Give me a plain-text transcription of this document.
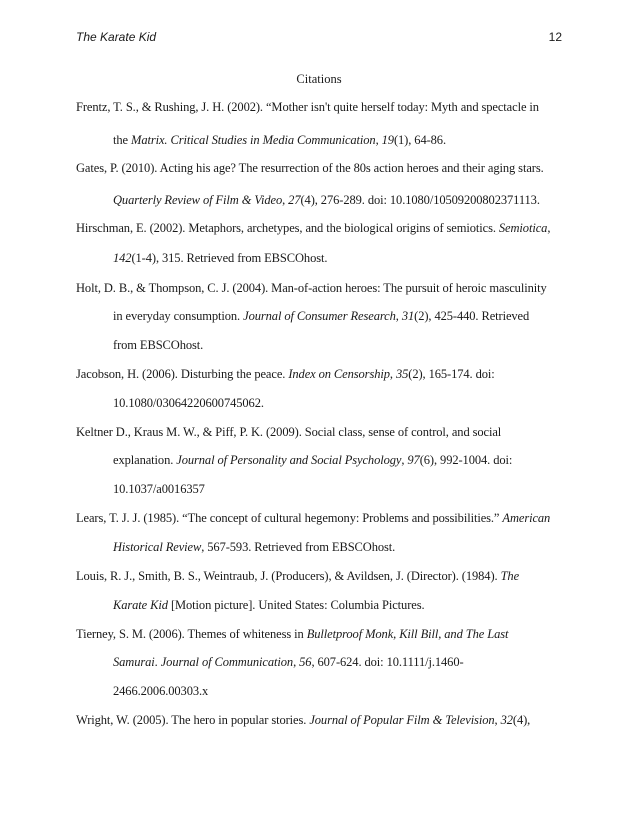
The Karate Kid	12
Citations
Frentz, T. S., & Rushing, J. H. (2002). “Mother isn't quite herself today: Myth and spectacle in
the Matrix. Critical Studies in Media Communication, 19(1), 64-86.
Gates, P. (2010). Acting his age? The resurrection of the 80s action heroes and their aging stars.
Quarterly Review of Film & Video, 27(4), 276-289. doi: 10.1080/10509200802371113.
Hirschman, E. (2002). Metaphors, archetypes, and the biological origins of semiotics. Semiotica,
142(1-4), 315. Retrieved from EBSCOhost.
Holt, D. B., & Thompson, C. J. (2004). Man-of-action heroes: The pursuit of heroic masculinity
in everyday consumption. Journal of Consumer Research, 31(2), 425-440. Retrieved
from EBSCOhost.
Jacobson, H. (2006). Disturbing the peace. Index on Censorship, 35(2), 165-174. doi:
10.1080/03064220600745062.
Keltner D., Kraus M. W., & Piff, P. K. (2009). Social class, sense of control, and social
explanation. Journal of Personality and Social Psychology, 97(6), 992-1004. doi:
10.1037/a0016357
Lears, T. J. J. (1985). “The concept of cultural hegemony: Problems and possibilities.” American
Historical Review, 567-593. Retrieved from EBSCOhost.
Louis, R. J., Smith, B. S., Weintraub, J. (Producers), & Avildsen, J. (Director). (1984). The
Karate Kid [Motion picture]. United States: Columbia Pictures.
Tierney, S. M. (2006). Themes of whiteness in Bulletproof Monk, Kill Bill, and The Last
Samurai. Journal of Communication, 56, 607-624. doi: 10.1111/j.1460-
2466.2006.00303.x
Wright, W. (2005). The hero in popular stories. Journal of Popular Film & Television, 32(4),
